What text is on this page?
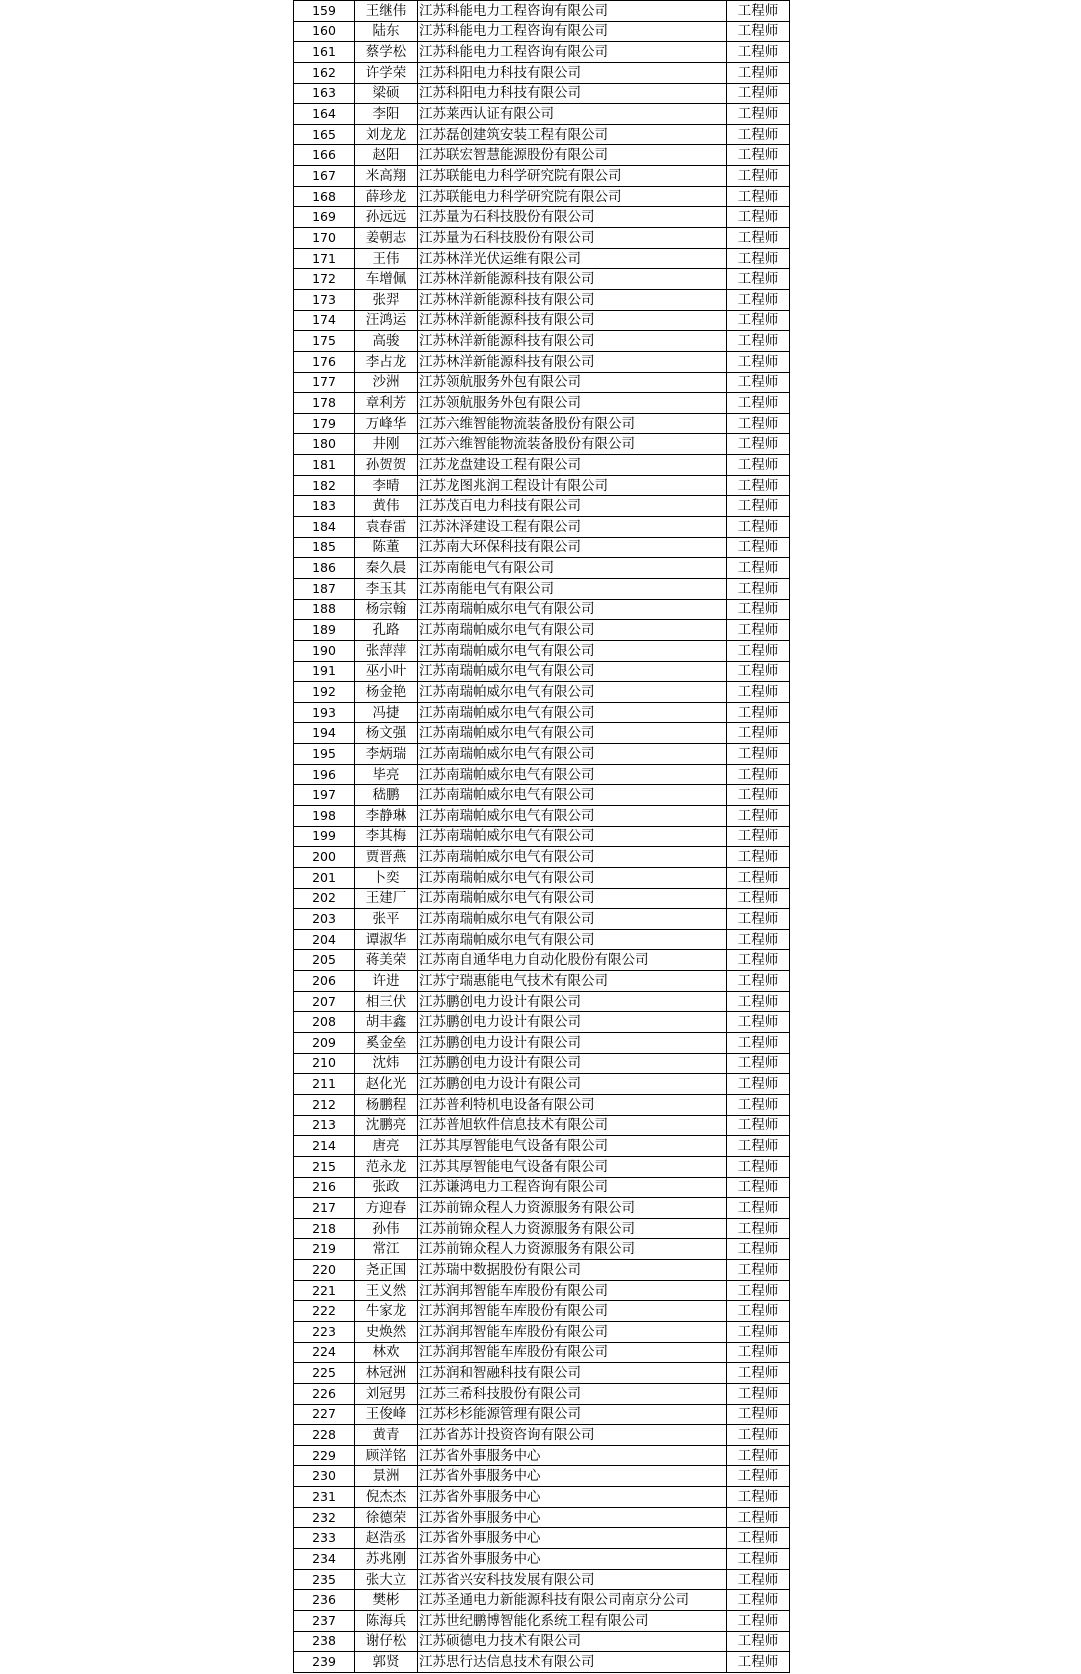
159	王继伟	江苏科能电力工程咨询有限公司	工程师
160	陆东	江苏科能电力工程咨询有限公司	工程师
161	蔡学松	江苏科能电力工程咨询有限公司	工程师
162	许学荣	江苏科阳电力科技有限公司	工程师
163	梁硕	江苏科阳电力科技有限公司	工程师
164	李阳	江苏莱西认证有限公司	工程师
165	刘龙龙	江苏磊创建筑安装工程有限公司	工程师
166	赵阳	江苏联宏智慧能源股份有限公司	工程师
167	米高翔	江苏联能电力科学研究院有限公司	工程师
168	薛珍龙	江苏联能电力科学研究院有限公司	工程师
169	孙远远	江苏量为石科技股份有限公司	工程师
170	姜朝志	江苏量为石科技股份有限公司	工程师
171	王伟	江苏林洋光伏运维有限公司	工程师
172	车增佩	江苏林洋新能源科技有限公司	工程师
173	张羿	江苏林洋新能源科技有限公司	工程师
174	汪鸿运	江苏林洋新能源科技有限公司	工程师
175	高骏	江苏林洋新能源科技有限公司	工程师
176	李占龙	江苏林洋新能源科技有限公司	工程师
177	沙洲	江苏领航服务外包有限公司	工程师
178	章利芳	江苏领航服务外包有限公司	工程师
179	万峰华	江苏六维智能物流装备股份有限公司	工程师
180	井刚	江苏六维智能物流装备股份有限公司	工程师
181	孙贺贺	江苏龙盘建设工程有限公司	工程师
182	李晴	江苏龙图兆润工程设计有限公司	工程师
183	黄伟	江苏茂百电力科技有限公司	工程师
184	袁春雷	江苏沐泽建设工程有限公司	工程师
185	陈董	江苏南大环保科技有限公司	工程师
186	秦久晨	江苏南能电气有限公司	工程师
187	李玉其	江苏南能电气有限公司	工程师
188	杨宗翰	江苏南瑞帕威尔电气有限公司	工程师
189	孔路	江苏南瑞帕威尔电气有限公司	工程师
190	张萍萍	江苏南瑞帕威尔电气有限公司	工程师
191	巫小叶	江苏南瑞帕威尔电气有限公司	工程师
192	杨金艳	江苏南瑞帕威尔电气有限公司	工程师
193	冯捷	江苏南瑞帕威尔电气有限公司	工程师
194	杨文强	江苏南瑞帕威尔电气有限公司	工程师
195	李炳瑞	江苏南瑞帕威尔电气有限公司	工程师
196	毕亮	江苏南瑞帕威尔电气有限公司	工程师
197	嵇鹏	江苏南瑞帕威尔电气有限公司	工程师
198	李静琳	江苏南瑞帕威尔电气有限公司	工程师
199	李其梅	江苏南瑞帕威尔电气有限公司	工程师
200	贾晋燕	江苏南瑞帕威尔电气有限公司	工程师
201	卜奕	江苏南瑞帕威尔电气有限公司	工程师
202	王建厂	江苏南瑞帕威尔电气有限公司	工程师
203	张平	江苏南瑞帕威尔电气有限公司	工程师
204	谭淑华	江苏南瑞帕威尔电气有限公司	工程师
205	蒋美荣	江苏南自通华电力自动化股份有限公司	工程师
206	许进	江苏宁瑞惠能电气技术有限公司	工程师
207	相三伏	江苏鹏创电力设计有限公司	工程师
208	胡丰鑫	江苏鹏创电力设计有限公司	工程师
209	奚金垒	江苏鹏创电力设计有限公司	工程师
210	沈炜	江苏鹏创电力设计有限公司	工程师
211	赵化光	江苏鹏创电力设计有限公司	工程师
212	杨鹏程	江苏普利特机电设备有限公司	工程师
213	沈鹏亮	江苏普旭软件信息技术有限公司	工程师
214	唐亮	江苏其厚智能电气设备有限公司	工程师
215	范永龙	江苏其厚智能电气设备有限公司	工程师
216	张政	江苏谦鸿电力工程咨询有限公司	工程师
217	方迎春	江苏前锦众程人力资源服务有限公司	工程师
218	孙伟	江苏前锦众程人力资源服务有限公司	工程师
219	常江	江苏前锦众程人力资源服务有限公司	工程师
220	尧正国	江苏瑞中数据股份有限公司	工程师
221	王义然	江苏润邦智能车库股份有限公司	工程师
222	牛家龙	江苏润邦智能车库股份有限公司	工程师
223	史焕然	江苏润邦智能车库股份有限公司	工程师
224	林欢	江苏润邦智能车库股份有限公司	工程师
225	林冠洲	江苏润和智融科技有限公司	工程师
226	刘冠男	江苏三希科技股份有限公司	工程师
227	王俊峰	江苏杉杉能源管理有限公司	工程师
228	黄青	江苏省苏计投资咨询有限公司	工程师
229	顾洋铭	江苏省外事服务中心	工程师
230	景洲	江苏省外事服务中心	工程师
231	倪杰杰	江苏省外事服务中心	工程师
232	徐德荣	江苏省外事服务中心	工程师
233	赵浩丞	江苏省外事服务中心	工程师
234	苏兆刚	江苏省外事服务中心	工程师
235	张大立	江苏省兴安科技发展有限公司	工程师
236	樊彬	江苏圣通电力新能源科技有限公司南京分公司	工程师
237	陈海兵	江苏世纪鹏博智能化系统工程有限公司	工程师
238	谢仔松	江苏硕德电力技术有限公司	工程师
239	郭贤	江苏思行达信息技术有限公司	工程师
